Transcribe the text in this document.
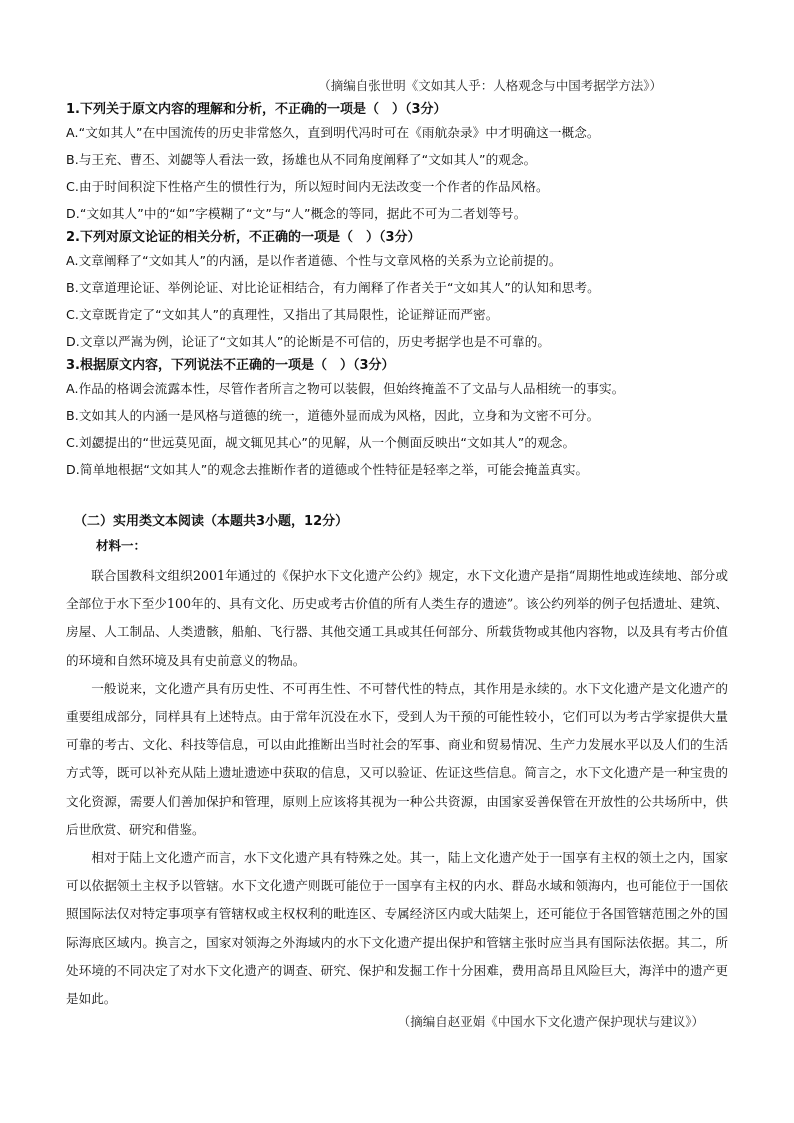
（摘编自张世明《文如其人乎：人格观念与中国考据学方法》）
1.下列关于原文内容的理解和分析，不正确的一项是（　）（3分）
A.“文如其人”在中国流传的历史非常悠久，直到明代冯时可在《雨航杂录》中才明确这一概念。
B.与王充、曹丕、刘勰等人看法一致，扬雄也从不同角度阐释了“文如其人”的观念。
C.由于时间积淀下性格产生的惯性行为，所以短时间内无法改变一个作者的作品风格。
D.“文如其人”中的“如”字模糊了“文”与“人”概念的等同，据此不可为二者划等号。
2.下列对原文论证的相关分析，不正确的一项是（　）（3分）
A.文章阐释了“文如其人”的内涵，是以作者道德、个性与文章风格的关系为立论前提的。
B.文章道理论证、举例论证、对比论证相结合，有力阐释了作者关于“文如其人”的认知和思考。
C.文章既肯定了“文如其人”的真理性，又指出了其局限性，论证辩证而严密。
D.文章以严嵩为例，论证了“文如其人”的论断是不可信的，历史考据学也是不可靠的。
3.根据原文内容，下列说法不正确的一项是（　）（3分）
A.作品的格调会流露本性，尽管作者所言之物可以装假，但始终掩盖不了文品与人品相统一的事实。
B.文如其人的内涵一是风格与道德的统一，道德外显而成为风格，因此，立身和为文密不可分。
C.刘勰提出的“世远莫见面，觇文辄见其心”的见解，从一个侧面反映出“文如其人”的观念。
D.简单地根据“文如其人”的观念去推断作者的道德或个性特征是轻率之举，可能会掩盖真实。
（二）实用类文本阅读（本题共3小题，12分）
材料一：

联合国教科文组织2001年通过的《保护水下文化遗产公约》规定，水下文化遗产是指“周期性地或连续地、部分或全部位于水下至少100年的、具有文化、历史或考古价值的所有人类生存的遗迹”。该公约列举的例子包括遗址、建筑、房屋、人工制品、人类遗骸，船舶、飞行器、其他交通工具或其任何部分、所载货物或其他内容物，以及具有考古价值的环境和自然环境及具有史前意义的物品。

一般说来，文化遗产具有历史性、不可再生性、不可替代性的特点，其作用是永续的。水下文化遗产是文化遗产的重要组成部分，同样具有上述特点。由于常年沉没在水下，受到人为干预的可能性较小，它们可以为考古学家提供大量可靠的考古、文化、科技等信息，可以由此推断出当时社会的军事、商业和贸易情况、生产力发展水平以及人们的生活方式等，既可以补充从陆上遗址遗迹中获取的信息，又可以验证、佐证这些信息。简言之，水下文化遗产是一种宝贵的文化资源，需要人们善加保护和管理，原则上应该将其视为一种公共资源，由国家妥善保管在开放性的公共场所中，供后世欣赏、研究和借鉴。

相对于陆上文化遗产而言，水下文化遗产具有特殊之处。其一，陆上文化遗产处于一国享有主权的领土之内，国家可以依据领土主权予以管辖。水下文化遗产则既可能位于一国享有主权的内水、群岛水域和领海内，也可能位于一国依照国际法仅对特定事项享有管辖权或主权权利的毗连区、专属经济区内或大陆架上，还可能位于各国管辖范围之外的国际海底区域内。换言之，国家对领海之外海域内的水下文化遗产提出保护和管辖主张时应当具有国际法依据。其二，所处环境的不同决定了对水下文化遗产的调查、研究、保护和发掘工作十分困难，费用高昂且风险巨大，海洋中的遗产更是如此。

（摘编自赵亚娟《中国水下文化遗产保护现状与建议》）
